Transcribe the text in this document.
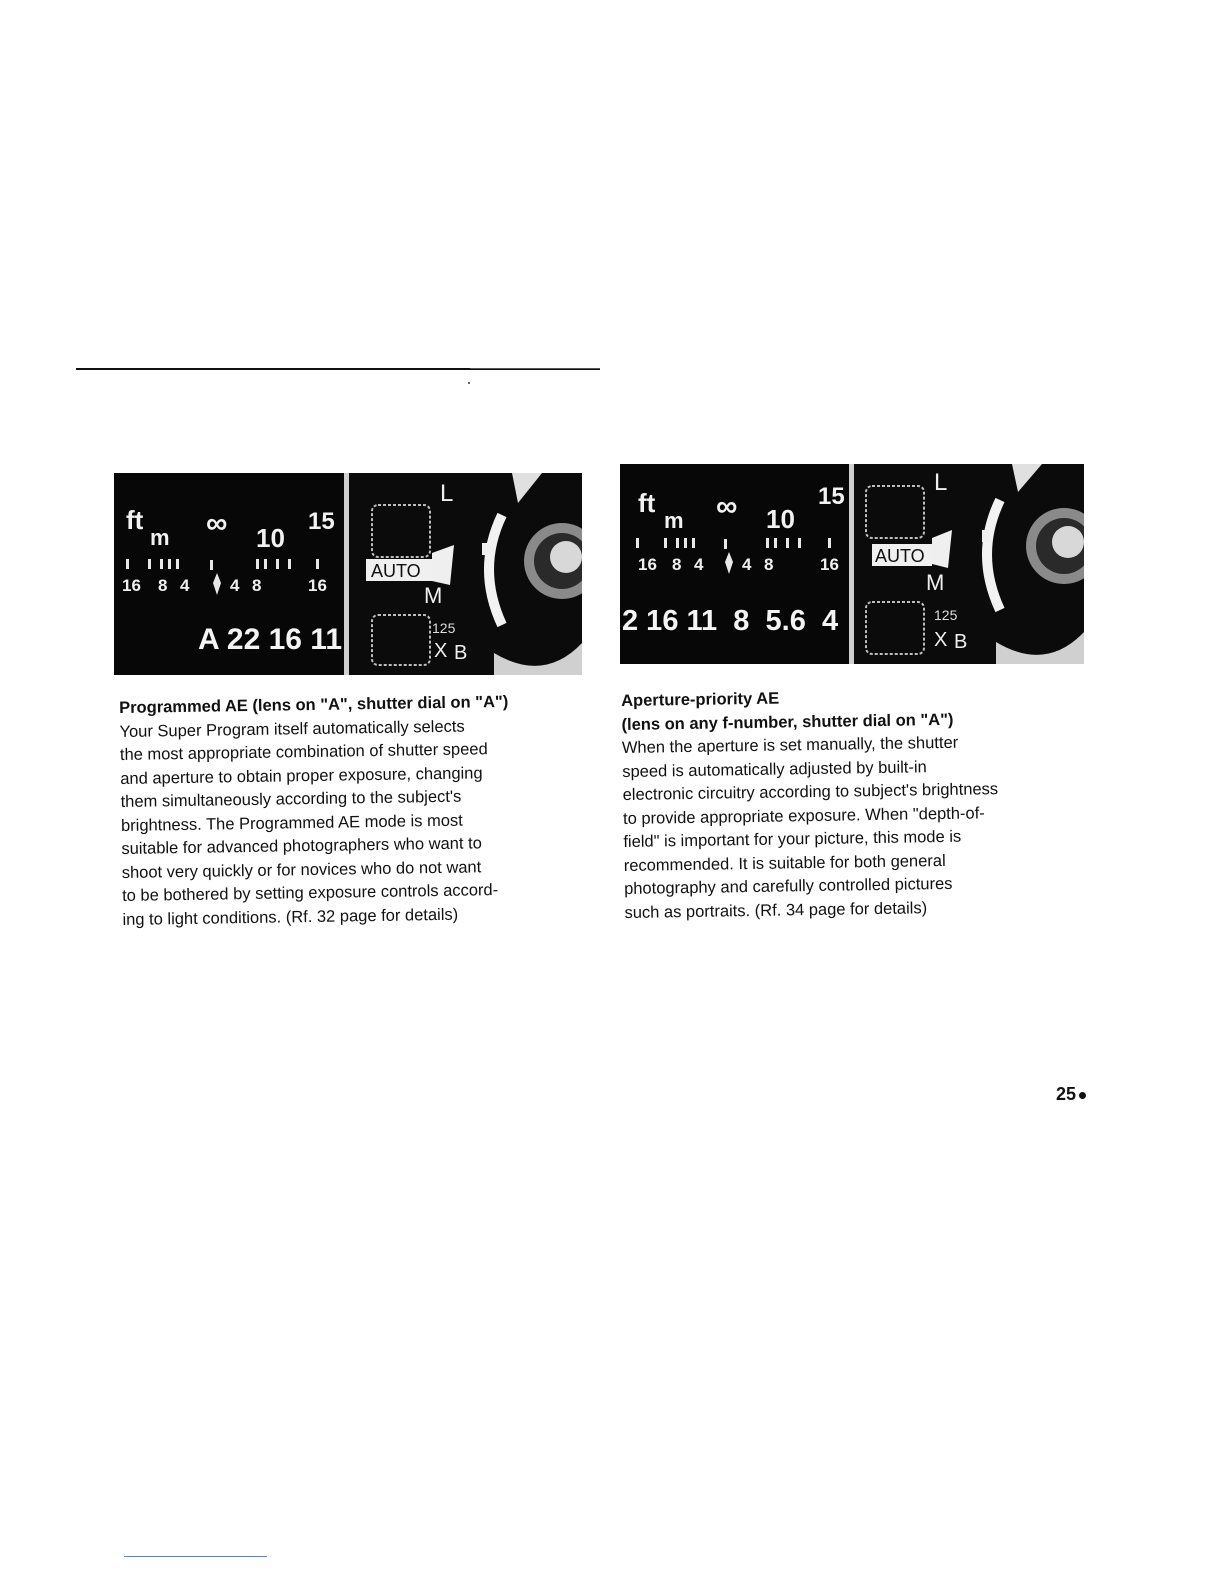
ft
m ∞ 10
15
16 8 4 4 8	16
A 22 16 11
AUTO
L
M
125
X B
ft
m ∞ 10
15
16 8 4 4 8	16
2 16 11  8  5.6  4
AUTO
L
M
125
X B
Programmed AE (lens on "A", shutter dial on "A")
Your Super Program itself automatically selects
the most appropriate combination of shutter speed
and aperture to obtain proper exposure, changing
them simultaneously according to the subject's
brightness. The Programmed AE mode is most
suitable for advanced photographers who want to
shoot very quickly or for novices who do not want
to be bothered by setting exposure controls accord-
ing to light conditions. (Rf. 32 page for details)
Aperture-priority AE
(lens on any f-number, shutter dial on "A")
When the aperture is set manually, the shutter
speed is automatically adjusted by built-in
electronic circuitry according to subject's brightness
to provide appropriate exposure. When "depth-of-
field" is important for your picture, this mode is
recommended. It is suitable for both general
photography and carefully controlled pictures
such as portraits. (Rf. 34 page for details)
25
